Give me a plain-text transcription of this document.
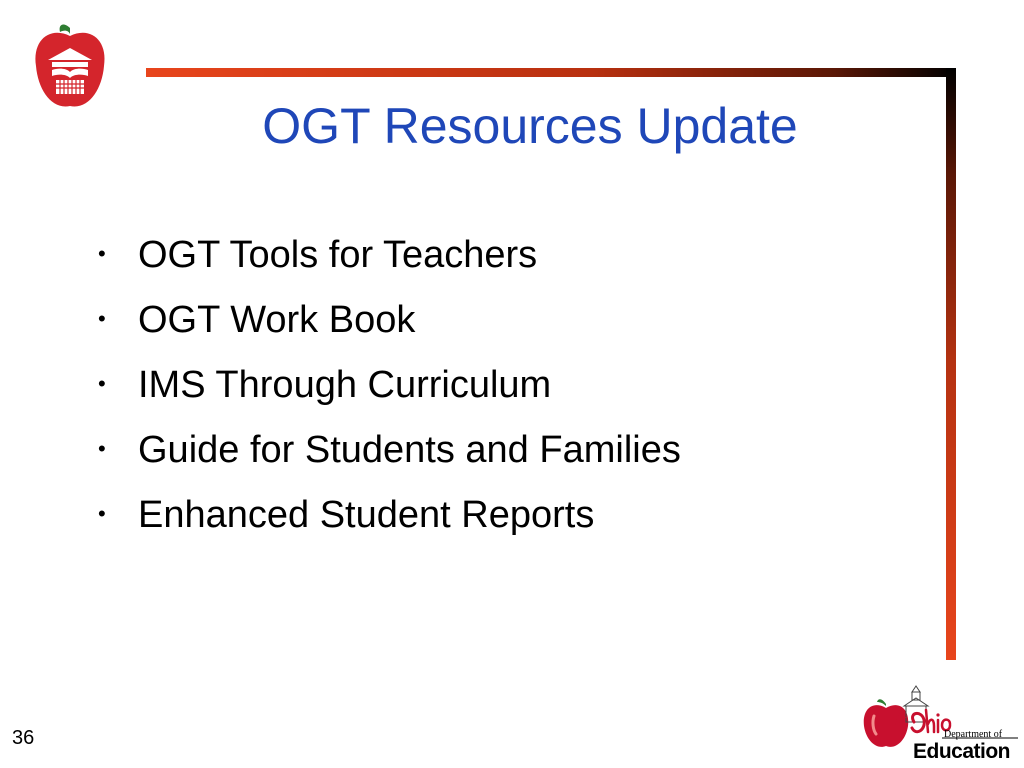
OGT Resources Update
• OGT Tools for Teachers
• OGT Work Book
• IMS Through Curriculum
• Guide for Students and Families
• Enhanced Student Reports
36	Department of
Education
